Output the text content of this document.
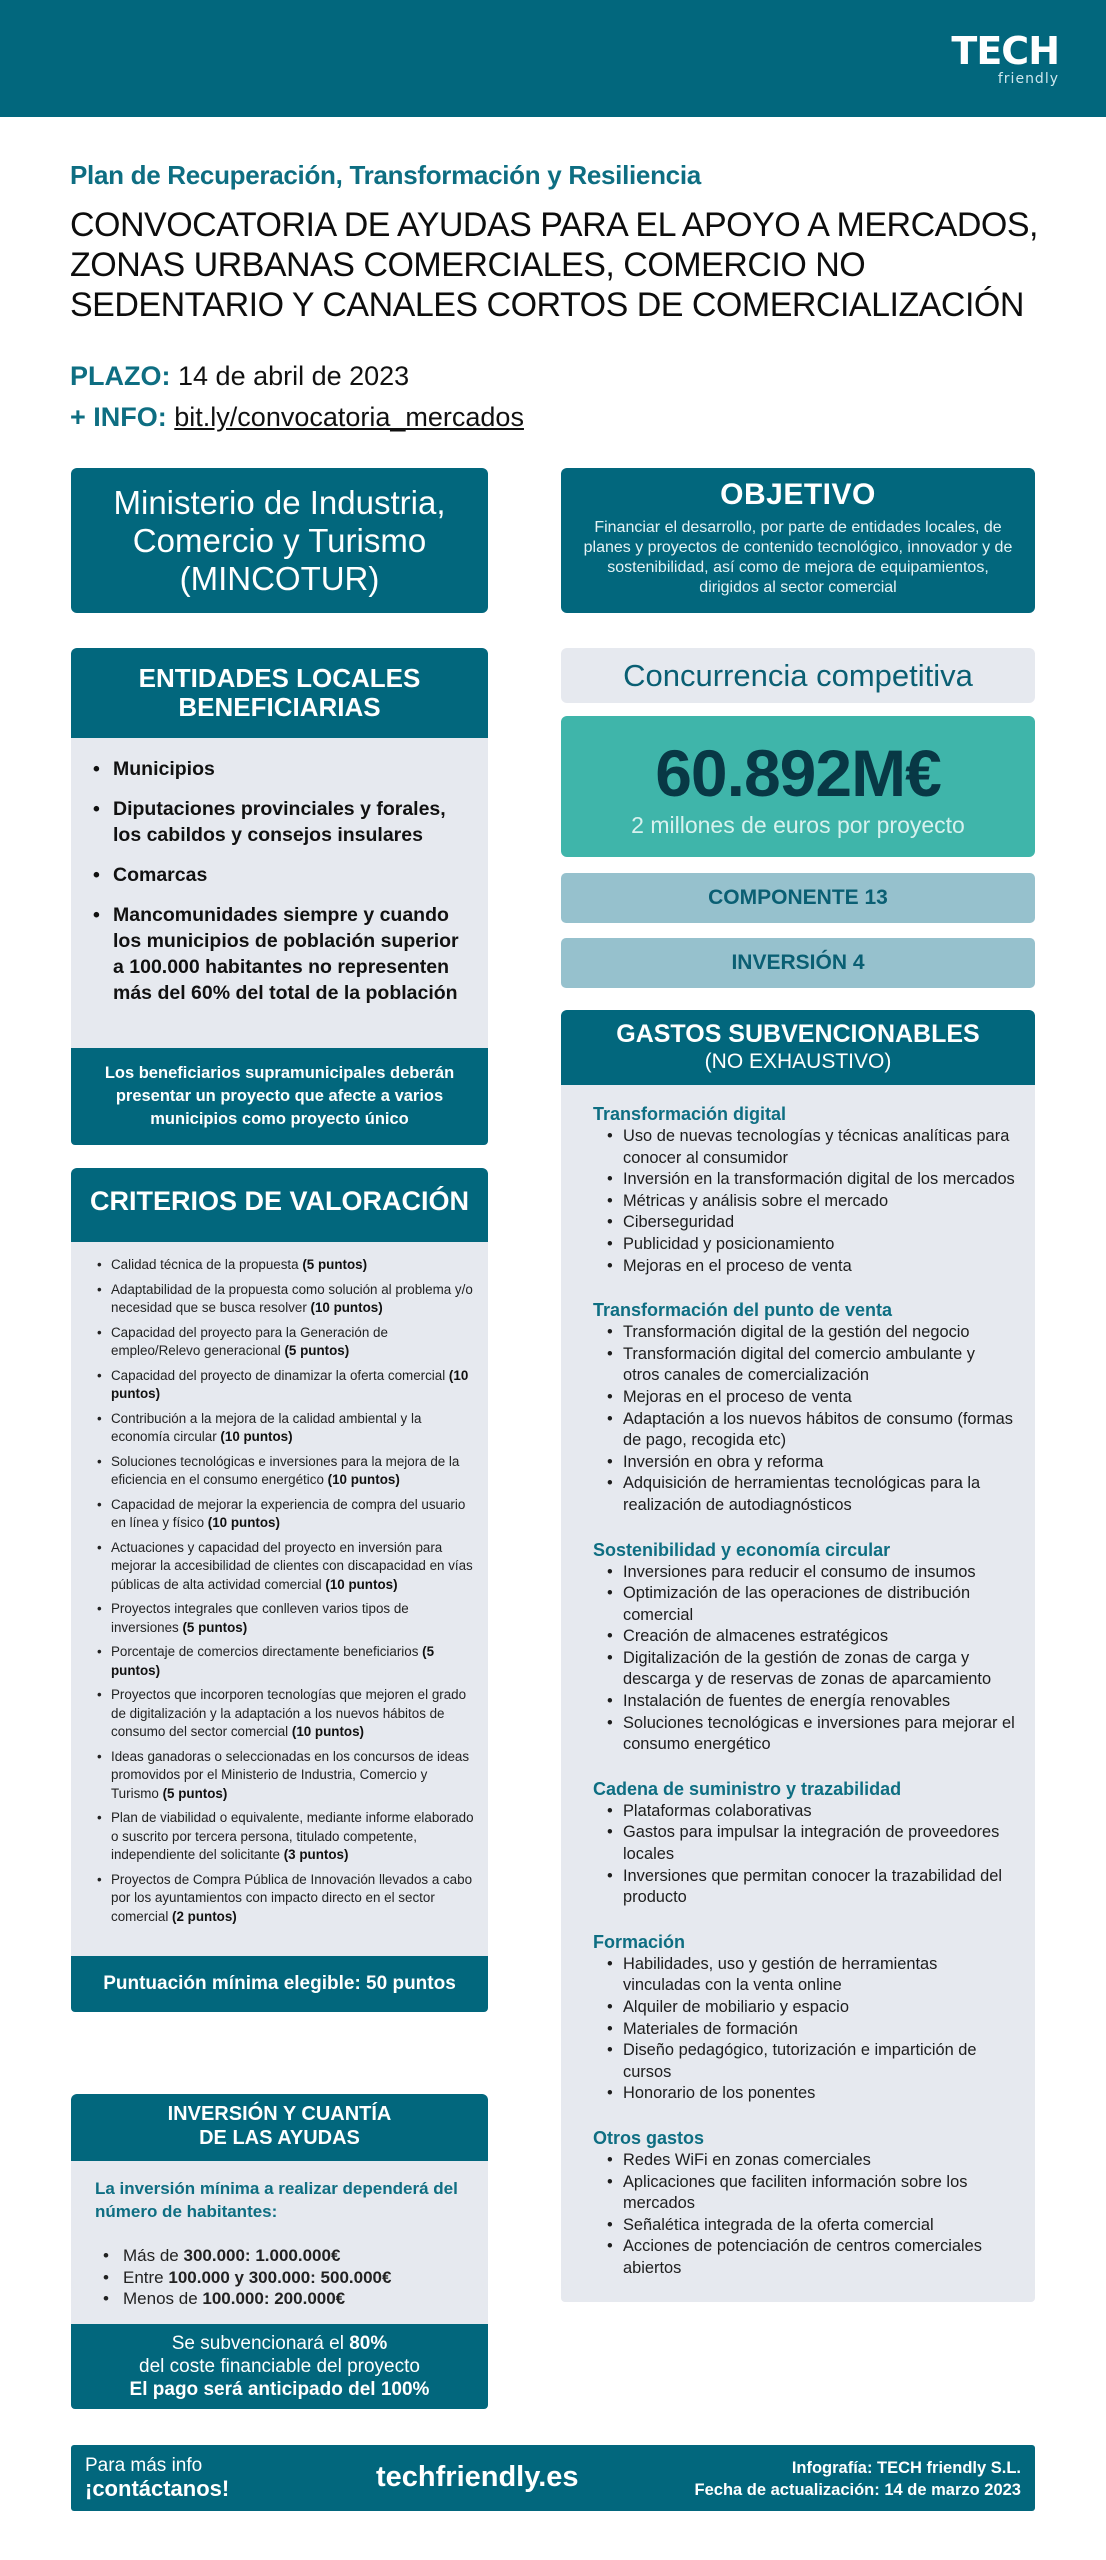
TECH
friendly
Plan de Recuperación, Transformación y Resiliencia
CONVOCATORIA DE AYUDAS PARA EL APOYO A MERCADOS, ZONAS URBANAS COMERCIALES, COMERCIO NO SEDENTARIO Y CANALES CORTOS DE COMERCIALIZACIÓN
PLAZO: 14 de abril de 2023
+ INFO: bit.ly/convocatoria_mercados
Ministerio de Industria,
Comercio y Turismo
(MINCOTUR)
OBJETIVO

Financiar el desarrollo, por parte de entidades locales, de planes y proyectos de contenido tecnológico, innovador y de sostenibilidad, así como de mejora de equipamientos, dirigidos al sector comercial

ENTIDADES LOCALES
BENEFICIARIAS
• Municipios
• Diputaciones provinciales y forales, los cabildos y consejos insulares
• Comarcas
• Mancomunidades siempre y cuando los municipios de población superior a 100.000 habitantes no representen más del 60% del total de la población
Los beneficiarios supramunicipales deberán presentar un proyecto que afecte a varios municipios como proyecto único
CRITERIOS DE VALORACIÓN
• Calidad técnica de la propuesta (5 puntos)
• Adaptabilidad de la propuesta como solución al problema y/o necesidad que se busca resolver (10 puntos)
• Capacidad del proyecto para la Generación de empleo/Relevo generacional (5 puntos)
• Capacidad del proyecto de dinamizar la oferta comercial (10 puntos)
• Contribución a la mejora de la calidad ambiental y la economía circular (10 puntos)
• Soluciones tecnológicas e inversiones para la mejora de la eficiencia en el consumo energético (10 puntos)
• Capacidad de mejorar la experiencia de compra del usuario en línea y físico (10 puntos)
• Actuaciones y capacidad del proyecto en inversión para mejorar la accesibilidad de clientes con discapacidad en vías públicas de alta actividad comercial (10 puntos)
• Proyectos integrales que conlleven varios tipos de inversiones (5 puntos)
• Porcentaje de comercios directamente beneficiarios (5 puntos)
• Proyectos que incorporen tecnologías que mejoren el grado de digitalización y la adaptación a los nuevos hábitos de consumo del sector comercial (10 puntos)
• Ideas ganadoras o seleccionadas en los concursos de ideas promovidos por el Ministerio de Industria, Comercio y Turismo (5 puntos)
• Plan de viabilidad o equivalente, mediante informe elaborado o suscrito por tercera persona, titulado competente, independiente del solicitante (3 puntos)
• Proyectos de Compra Pública de Innovación llevados a cabo por los ayuntamientos con impacto directo en el sector comercial (2 puntos)
Puntuación mínima elegible: 50 puntos
INVERSIÓN Y CUANTÍA
DE LAS AYUDAS
La inversión mínima a realizar dependerá del número de habitantes:
• Más de 300.000: 1.000.000€
• Entre 100.000 y 300.000: 500.000€
• Menos de 100.000: 200.000€
Se subvencionará el 80%
del coste financiable del proyecto
El pago será anticipado del 100%
Concurrencia competitiva
60.892M€
2 millones de euros por proyecto
COMPONENTE 13
INVERSIÓN 4
GASTOS SUBVENCIONABLES
(NO EXHAUSTIVO)
Transformación digital
• Uso de nuevas tecnologías y técnicas analíticas para conocer al consumidor
• Inversión en la transformación digital de los mercados
• Métricas y análisis sobre el mercado
• Ciberseguridad
• Publicidad y posicionamiento
• Mejoras en el proceso de venta
Transformación del punto de venta
• Transformación digital de la gestión del negocio
• Transformación digital del comercio ambulante y otros canales de comercialización
• Mejoras en el proceso de venta
• Adaptación a los nuevos hábitos de consumo (formas de pago, recogida etc)
• Inversión en obra y reforma
• Adquisición de herramientas tecnológicas para la realización de autodiagnósticos
Sostenibilidad y economía circular
• Inversiones para reducir el consumo de insumos
• Optimización de las operaciones de distribución comercial
• Creación de almacenes estratégicos
• Digitalización de la gestión de zonas de carga y descarga y de reservas de zonas de aparcamiento
• Instalación de fuentes de energía renovables
• Soluciones tecnológicas e inversiones para mejorar el consumo energético
Cadena de suministro y trazabilidad
• Plataformas colaborativas
• Gastos para impulsar la integración de proveedores locales
• Inversiones que permitan conocer la trazabilidad del producto
Formación
• Habilidades, uso y gestión de herramientas vinculadas con la venta online
• Alquiler de mobiliario y espacio
• Materiales de formación
• Diseño pedagógico, tutorización e impartición de cursos
• Honorario de los ponentes
Otros gastos
• Redes WiFi en zonas comerciales
• Aplicaciones que faciliten información sobre los mercados
• Señalética integrada de la oferta comercial
• Acciones de potenciación de centros comerciales abiertos
Para más info
¡contáctanos!	techfriendly.es	Infografía: TECH friendly S.L.
Fecha de actualización: 14 de marzo 2023
